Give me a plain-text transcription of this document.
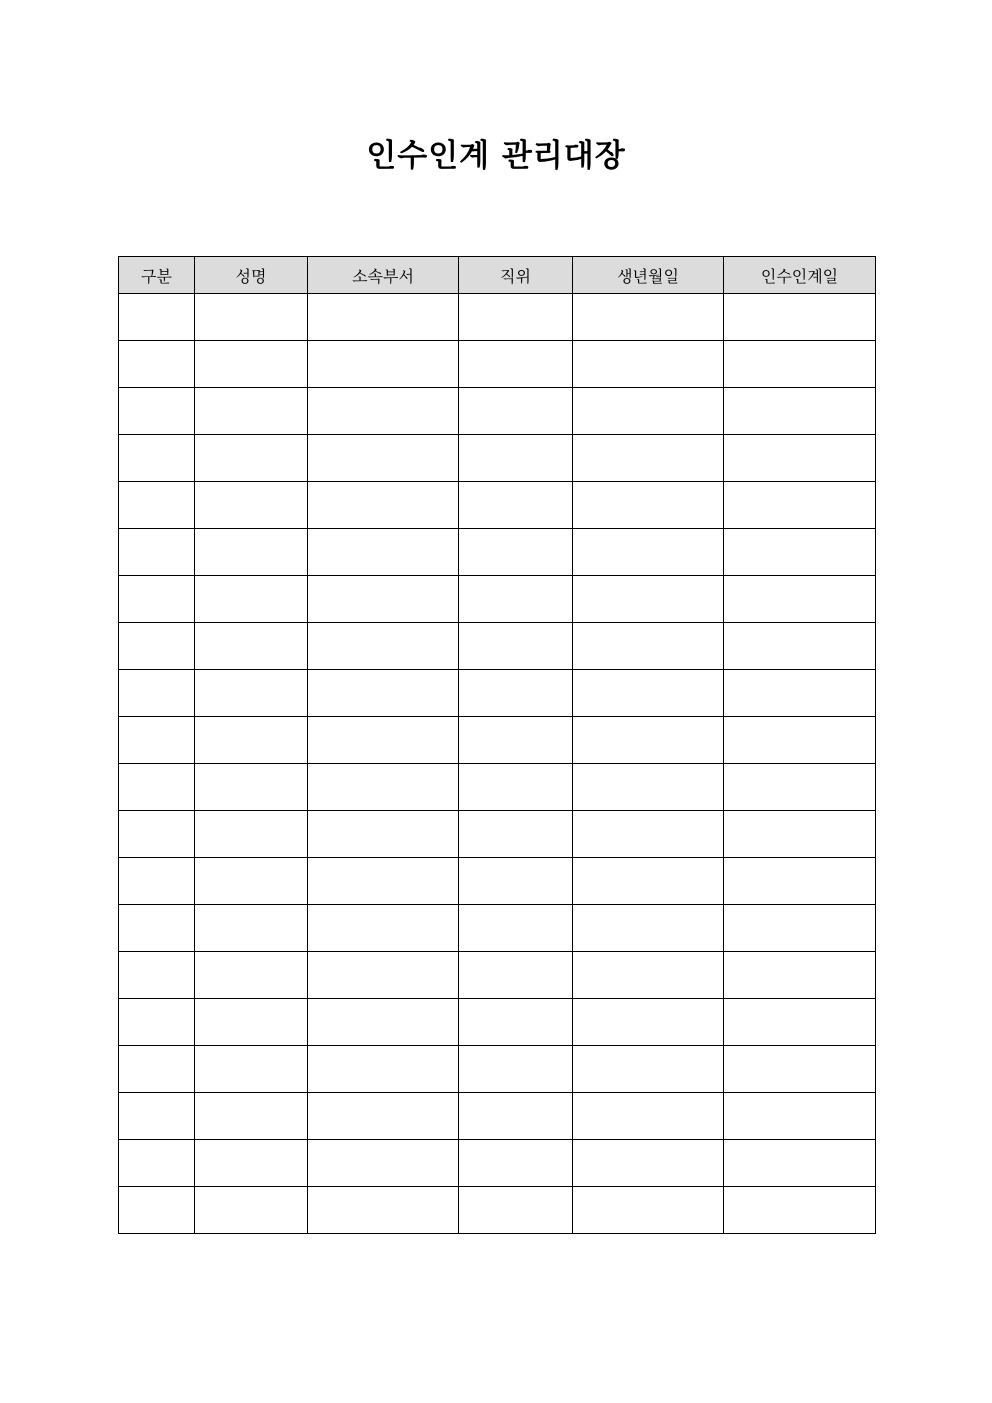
인수인계 관리대장
구분	성명	소속부서	직위	생년월일	인수인계일
